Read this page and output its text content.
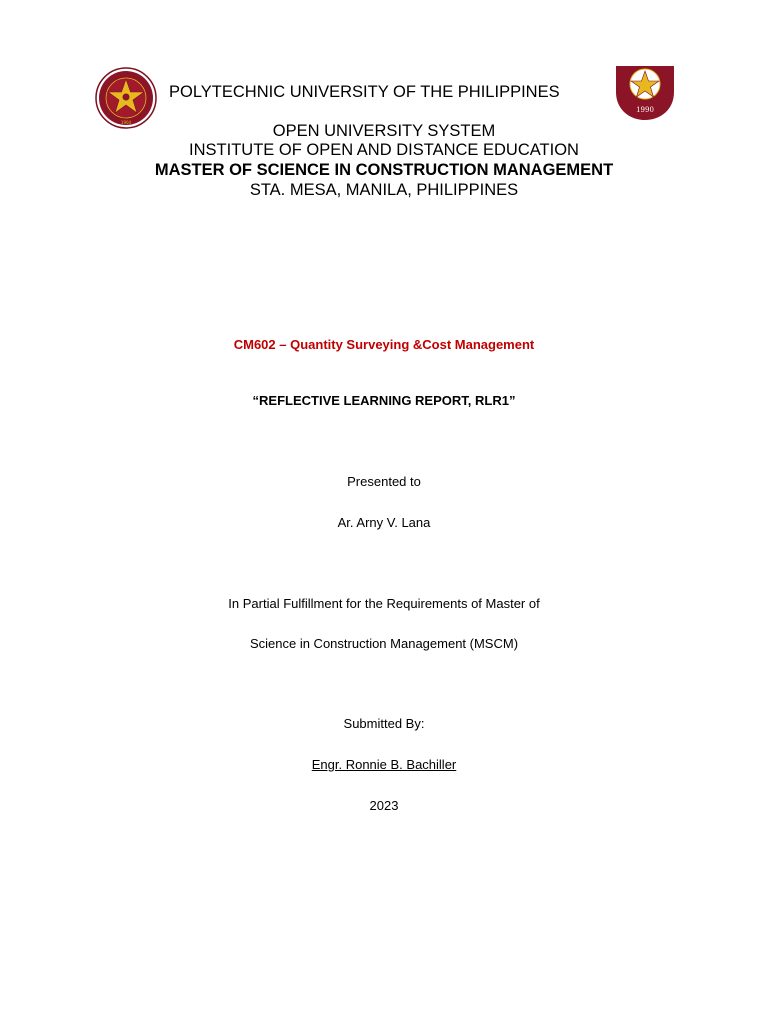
1904
POLYTECHNIC UNIVERSITY OF THE PHILIPPINES
1990
OPEN UNIVERSITY SYSTEM
INSTITUTE OF OPEN AND DISTANCE EDUCATION
MASTER OF SCIENCE IN CONSTRUCTION MANAGEMENT
STA. MESA, MANILA, PHILIPPINES
CM602 – Quantity Surveying &Cost Management
“REFLECTIVE LEARNING REPORT, RLR1”
Presented to
Ar. Arny V. Lana
In Partial Fulfillment for the Requirements of Master of
Science in Construction Management (MSCM)
Submitted By:
Engr. Ronnie B. Bachiller
2023
